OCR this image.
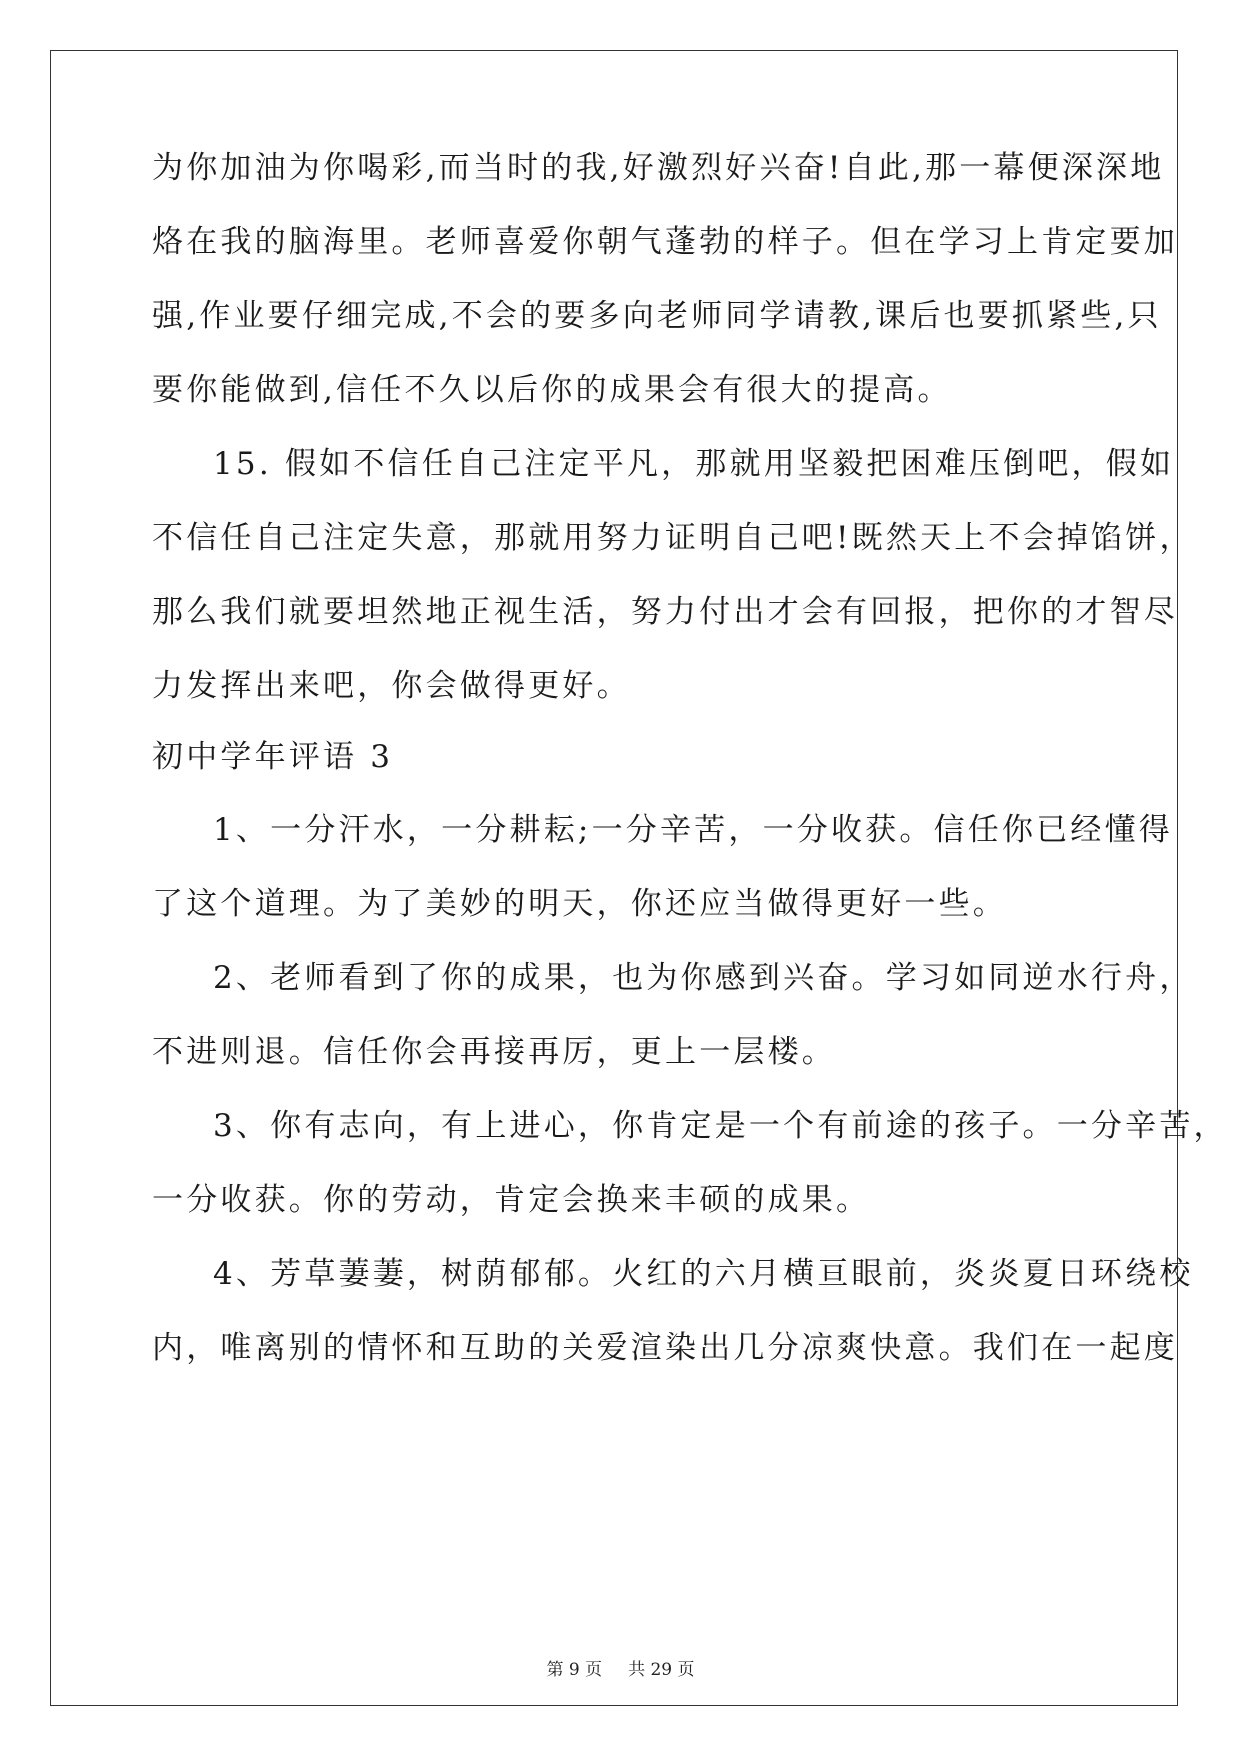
为你加油为你喝彩,而当时的我,好激烈好兴奋!自此,那一幕便深深地
烙在我的脑海里。老师喜爱你朝气蓬勃的样子。但在学习上肯定要加
强,作业要仔细完成,不会的要多向老师同学请教,课后也要抓紧些,只
要你能做到,信任不久以后你的成果会有很大的提高。
15. 假如不信任自己注定平凡，那就用坚毅把困难压倒吧，假如
不信任自己注定失意，那就用努力证明自己吧!既然天上不会掉馅饼，
那么我们就要坦然地正视生活，努力付出才会有回报，把你的才智尽
力发挥出来吧，你会做得更好。
初中学年评语 3
1、一分汗水，一分耕耘;一分辛苦，一分收获。信任你已经懂得
了这个道理。为了美妙的明天，你还应当做得更好一些。
2、老师看到了你的成果，也为你感到兴奋。学习如同逆水行舟，
不进则退。信任你会再接再厉，更上一层楼。
3、你有志向，有上进心，你肯定是一个有前途的孩子。一分辛苦，
一分收获。你的劳动，肯定会换来丰硕的成果。
4、芳草萋萋，树荫郁郁。火红的六月横亘眼前，炎炎夏日环绕校
内，唯离别的情怀和互助的关爱渲染出几分凉爽快意。我们在一起度
第 9 页 共 29 页
